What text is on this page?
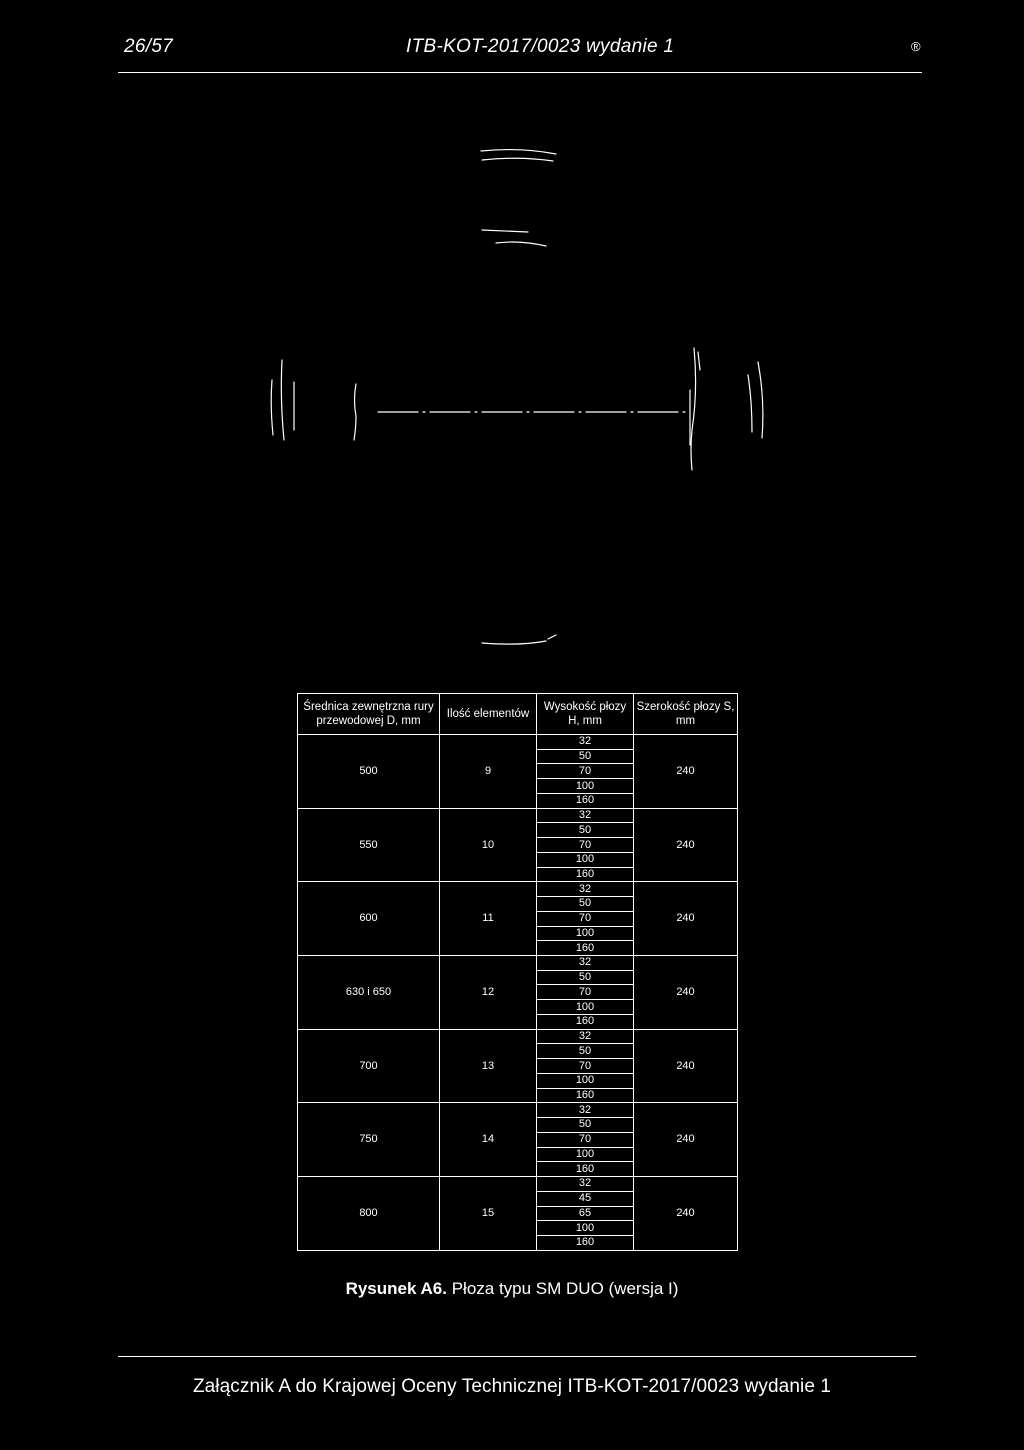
26/57	ITB-KOT-2017/0023 wydanie 1	®
Średnica zewnętrzna rury przewodowej D, mm	Ilość elementów	Wysokość płozy H, mm	Szerokość płozy S, mm
500	9	32	240
		50	
		70	
		100	
		160	
550	10	32	240
		50	
		70	
		100	
		160	
600	11	32	240
		50	
		70	
		100	
		160	
630 i 650	12	32	240
		50	
		70	
		100	
		160	
700	13	32	240
		50	
		70	
		100	
		160	
750	14	32	240
		50	
		70	
		100	
		160	
800	15	32	240
		45	
		65	
		100	
		160	
Rysunek A6. Płoza typu SM DUO (wersja I)
Załącznik A do Krajowej Oceny Technicznej ITB-KOT-2017/0023 wydanie 1
